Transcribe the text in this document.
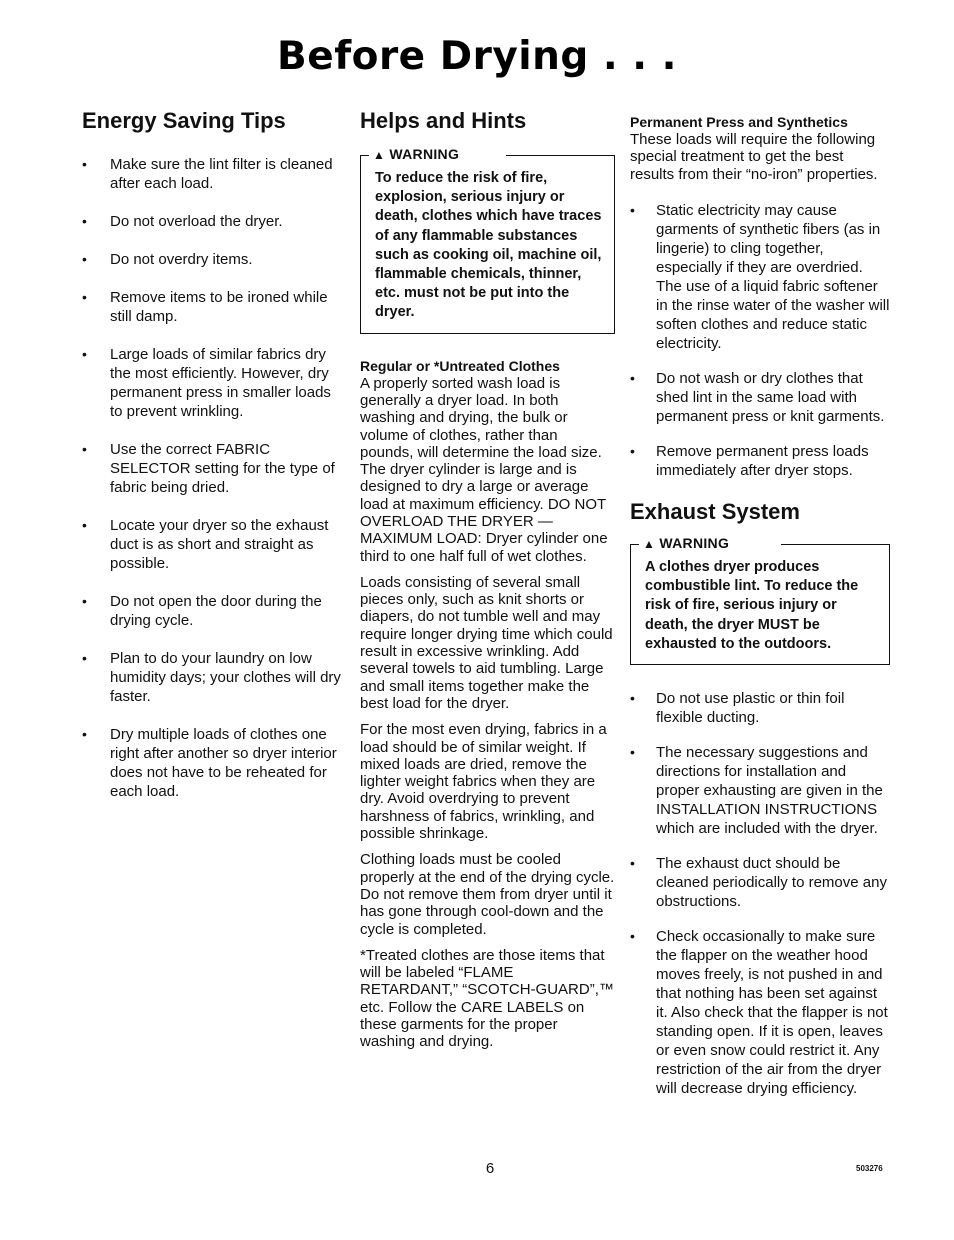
Before Drying . . .
Energy Saving Tips
• Make sure the lint filter is cleaned after each load.
• Do not overload the dryer.
• Do not overdry items.
• Remove items to be ironed while still damp.
• Large loads of similar fabrics dry the most efficiently. However, dry permanent press in smaller loads to prevent wrinkling.
• Use the correct FABRIC SELECTOR setting for the type of fabric being dried.
• Locate your dryer so the exhaust duct is as short and straight as possible.
• Do not open the door during the drying cycle.
• Plan to do your laundry on low humidity days; your clothes will dry faster.
• Dry multiple loads of clothes one right after another so dryer interior does not have to be reheated for each load.
Helps and Hints
▲ WARNING
To reduce the risk of fire, explosion, serious injury or death, clothes which have traces of any flammable substances such as cooking oil, machine oil, flammable chemicals, thinner, etc. must not be put into the dryer.

Regular or *Untreated Clothes

A properly sorted wash load is generally a dryer load. In both washing and drying, the bulk or volume of clothes, rather than pounds, will determine the load size. The dryer cylinder is large and is designed to dry a large or average load at maximum efficiency. DO NOT OVERLOAD THE DRYER — MAXIMUM LOAD: Dryer cylinder one third to one half full of wet clothes.

Loads consisting of several small pieces only, such as knit shorts or diapers, do not tumble well and may require longer drying time which could result in excessive wrinkling. Add several towels to aid tumbling. Large and small items together make the best load for the dryer.

For the most even drying, fabrics in a load should be of similar weight. If mixed loads are dried, remove the lighter weight fabrics when they are dry. Avoid overdrying to prevent harshness of fabrics, wrinkling, and possible shrinkage.

Clothing loads must be cooled properly at the end of the drying cycle. Do not remove them from dryer until it has gone through cool-down and the cycle is completed.

*Treated clothes are those items that will be labeled “FLAME RETARDANT,” “SCOTCH-GUARD”,™ etc. Follow the CARE LABELS on these garments for the proper washing and drying.

Permanent Press and Synthetics

These loads will require the following special treatment to get the best results from their “no-iron” properties.

• Static electricity may cause garments of synthetic fibers (as in lingerie) to cling together, especially if they are overdried. The use of a liquid fabric softener in the rinse water of the washer will soften clothes and reduce static electricity.
• Do not wash or dry clothes that shed lint in the same load with permanent press or knit garments.
• Remove permanent press loads immediately after dryer stops.
Exhaust System
▲ WARNING
A clothes dryer produces combustible lint. To reduce the risk of fire, serious injury or death, the dryer MUST be exhausted to the outdoors.
• Do not use plastic or thin foil flexible ducting.
• The necessary suggestions and directions for installation and proper exhausting are given in the INSTALLATION INSTRUCTIONS which are included with the dryer.
• The exhaust duct should be cleaned periodically to remove any obstructions.
• Check occasionally to make sure the flapper on the weather hood moves freely, is not pushed in and that nothing has been set against it. Also check that the flapper is not standing open. If it is open, leaves or even snow could restrict it. Any restriction of the air from the dryer will decrease drying efficiency.
6	503276
